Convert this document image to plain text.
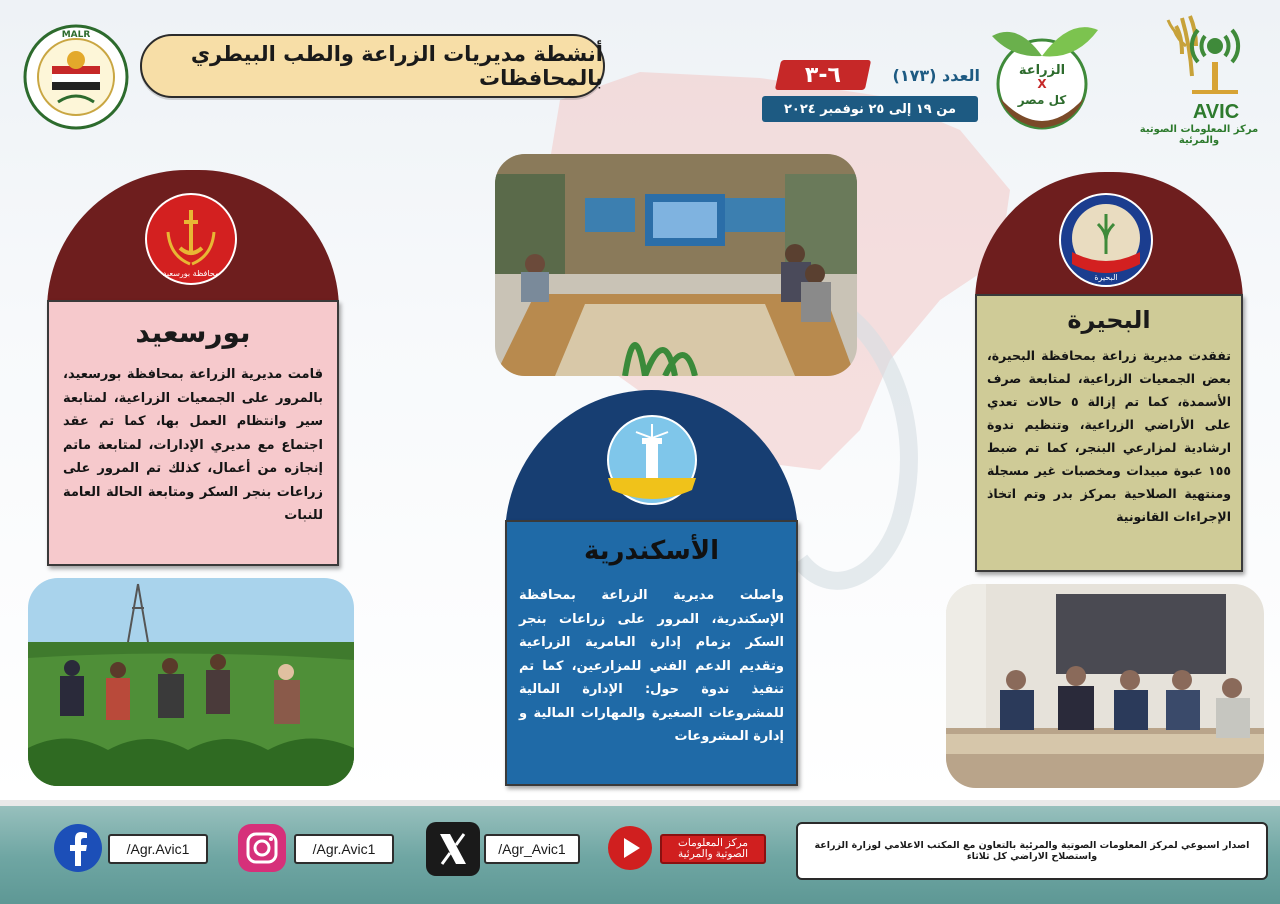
MALR
أنشطة مديريات الزراعة والطب البيطري بالمحافظات	٦-٣	العدد (١٧٣)
من ١٩ إلى ٢٥ نوفمبر ٢٠٢٤
الزراعة
X
كل مصر
AVIC
مركز المعلومات الصوتية والمرئية
محافظة بورسعيد
بورسعيد
قامت مديرية الزراعة بمحافظة بورسعيد، بالمرور على الجمعيات الزراعية، لمتابعة سير وانتظام العمل بها، كما تم عقد اجتماع مع مديري الإدارات، لمتابعة ماتم إنجازه من أعمال، كذلك تم المرور على زراعات بنجر السكر ومتابعة الحالة العامة للنبات
البحيرة
البحيرة
تفقدت مديرية زراعة بمحافظة البحيرة، بعض الجمعيات الزراعية، لمتابعة صرف الأسمدة، كما تم إزالة ٥ حالات تعدي على الأراضي الزراعية، وتنظيم ندوة ارشادية لمزارعي البنجر، كما تم ضبط ١٥٥ عبوة مبيدات ومخصبات غير مسجلة ومنتهية الصلاحية بمركز بدر وتم اتخاذ الإجراءات القانونية
الأسكندرية
واصلت مديرية الزراعة بمحافظة الإسكندرية، المرور على زراعات بنجر السكر بزمام إدارة العامرية الزراعية وتقديم الدعم الفني للمزارعين، كما تم تنفيذ ندوة حول: الإدارة المالية للمشروعات الصغيرة والمهارات المالية و إدارة المشروعات
/Agr.Avic1	/Agr.Avic1	/Agr_Avic1	مركز المعلومات الصوتية والمرئية
اصدار اسبوعي لمركز المعلومات الصوتية والمرئية بالتعاون مع المكتب الاعلامي لوزارة الزراعة واستصلاح الاراضي كل ثلاثاء
